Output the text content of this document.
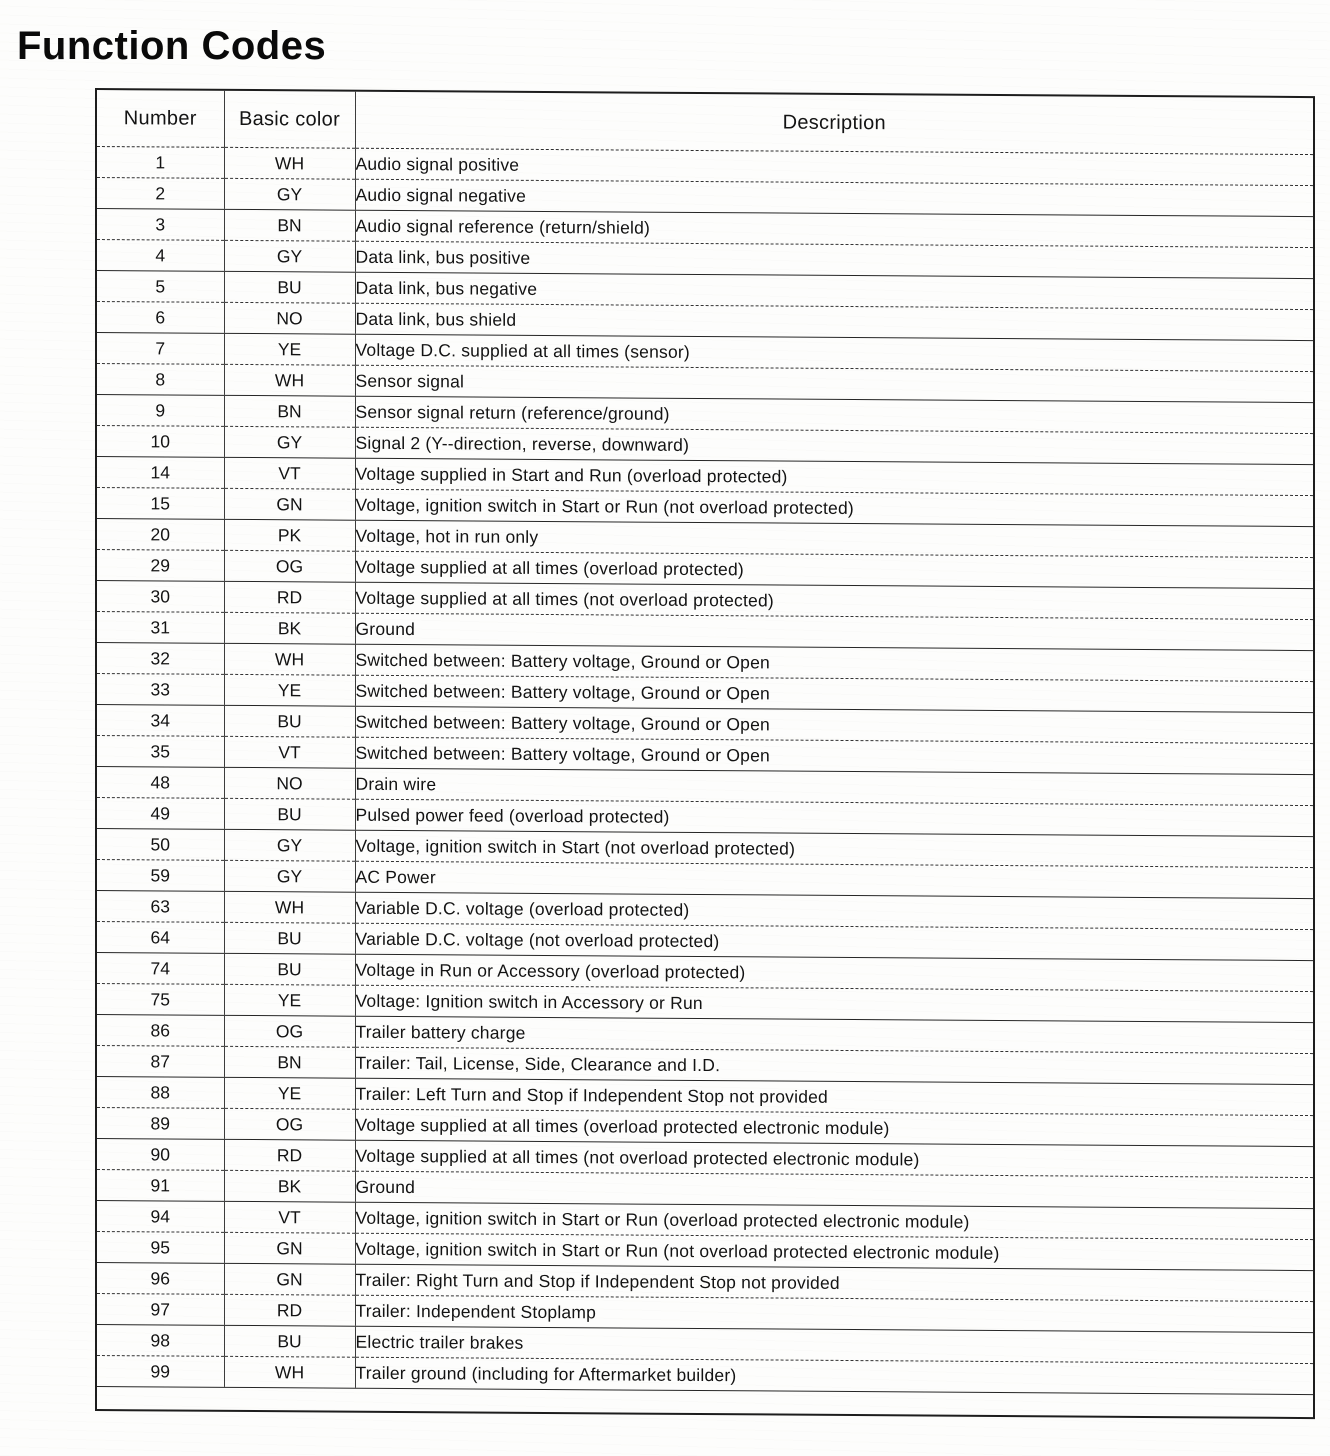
Function Codes
Number	Basic color	Description
1	WH	Audio signal positive
2	GY	Audio signal negative
3	BN	Audio signal reference (return/shield)
4	GY	Data link, bus positive
5	BU	Data link, bus negative
6	NO	Data link, bus shield
7	YE	Voltage D.C. supplied at all times (sensor)
8	WH	Sensor signal
9	BN	Sensor signal return (reference/ground)
10	GY	Signal 2 (Y--direction, reverse, downward)
14	VT	Voltage supplied in Start and Run (overload protected)
15	GN	Voltage, ignition switch in Start or Run (not overload protected)
20	PK	Voltage, hot in run only
29	OG	Voltage supplied at all times (overload protected)
30	RD	Voltage supplied at all times (not overload protected)
31	BK	Ground
32	WH	Switched between: Battery voltage, Ground or Open
33	YE	Switched between: Battery voltage, Ground or Open
34	BU	Switched between: Battery voltage, Ground or Open
35	VT	Switched between: Battery voltage, Ground or Open
48	NO	Drain wire
49	BU	Pulsed power feed (overload protected)
50	GY	Voltage, ignition switch in Start (not overload protected)
59	GY	AC Power
63	WH	Variable D.C. voltage (overload protected)
64	BU	Variable D.C. voltage (not overload protected)
74	BU	Voltage in Run or Accessory (overload protected)
75	YE	Voltage: Ignition switch in Accessory or Run
86	OG	Trailer battery charge
87	BN	Trailer: Tail, License, Side, Clearance and I.D.
88	YE	Trailer: Left Turn and Stop if Independent Stop not provided
89	OG	Voltage supplied at all times (overload protected electronic module)
90	RD	Voltage supplied at all times (not overload protected electronic module)
91	BK	Ground
94	VT	Voltage, ignition switch in Start or Run (overload protected electronic module)
95	GN	Voltage, ignition switch in Start or Run (not overload protected electronic module)
96	GN	Trailer: Right Turn and Stop if Independent Stop not provided
97	RD	Trailer: Independent Stoplamp
98	BU	Electric trailer brakes
99	WH	Trailer ground (including for Aftermarket builder)
